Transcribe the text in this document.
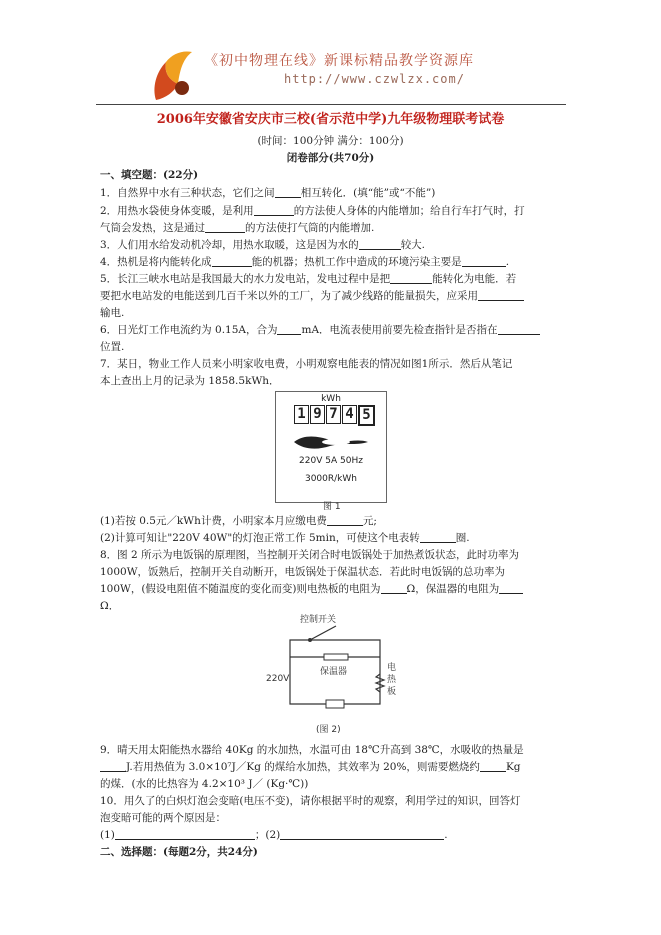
《初中物理在线》新课标精品教学资源库
http://www.czwlzx.com/
2006年安徽省安庆市三校(省示范中学)九年级物理联考试卷
(时间：100分钟 满分：100分)
闭卷部分(共70分)
一、填空题：(22分)
1．自然界中水有三种状态，它们之间 相互转化．(填“能”或“不能”)
2．用热水袋使身体变暖，是利用	的方法使人身体的内能增加；给自行车打气时，打
气筒会发热，这是通过	的方法使打气筒的内能增加.
3．人们用水给发动机冷却，用热水取暖，这是因为水的	较大.
4．热机是将内能转化成	能的机器；热机工作中造成的环境污染主要是	.
5．长江三峡水电站是我国最大的水力发电站，发电过程中是把	能转化为电能．若
要把水电站发的电能送到几百千米以外的工厂，为了减少线路的能量损失，应采用
输电.
6．日光灯工作电流约为 0.15A，合为 mA．电流表使用前要先检查指针是否指在
位置.
7．某日，物业工作人员来小明家收电费，小明观察电能表的情况如图1所示．然后从笔记
本上查出上月的记录为 1858.5kWh．
kWh
1 9 7 4 5
220V 5A 50Hz
3000R/kWh
图 1
(1)若按 0.5元／kWh计费，小明家本月应缴电费	元;
(2)计算可知让"220V 40W"的灯泡正常工作 5min，可使这个电表转	圈.
8．图 2 所示为电饭锅的原理图，当控制开关闭合时电饭锅处于加热煮饭状态，此时功率为
1000W，饭熟后，控制开关自动断开，电饭锅处于保温状态．若此时电饭锅的总功率为
100W，(假设电阻值不随温度的变化而变)则电热板的电阻为 Ω，保温器的电阻为
Ω．
控制开关
保温器
220V
电热板
(图 2)
9．晴天用太阳能热水器给 40Kg 的水加热，水温可由 18℃升高到 38℃，水吸收的热量是
J.若用热值为 3.0×10⁷J／Kg 的煤给水加热，其效率为 20%，则需要燃烧约 Kg
的煤．(水的比热容为 4.2×10³ J／ (Kg·℃))
10．用久了的白炽灯泡会变暗(电压不变)，请你根据平时的观察，利用学过的知识，回答灯
泡变暗可能的两个原因是：
(1)	；(2)	.
二、选择题：(每题2分，共24分)
